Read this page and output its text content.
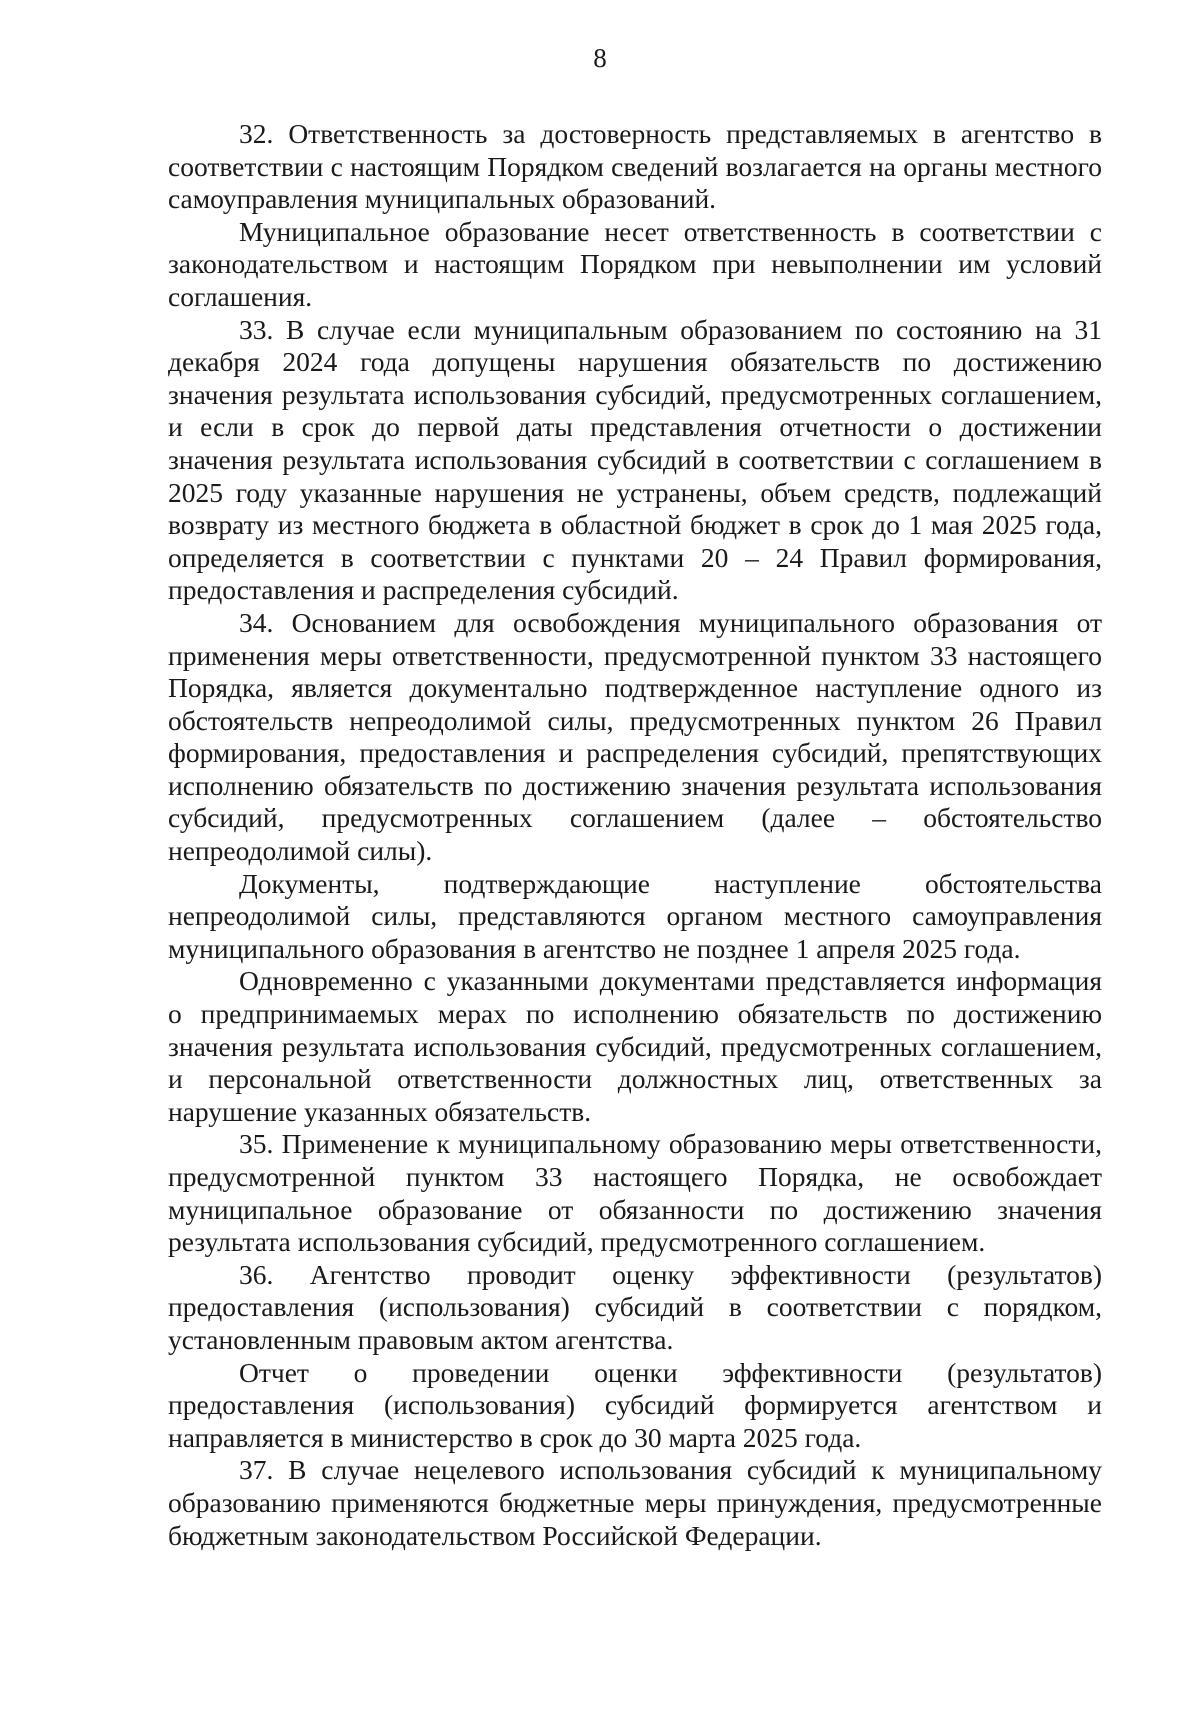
8

32. Ответственность за достоверность представляемых в агентство в соответствии с настоящим Порядком сведений возлагается на органы местного самоуправления муниципальных образований.

Муниципальное образование несет ответственность в соответствии с законодательством и настоящим Порядком при невыполнении им условий соглашения.

33. В случае если муниципальным образованием по состоянию на 31 декабря 2024 года допущены нарушения обязательств по достижению значения результата использования субсидий, предусмотренных соглашением, и если в срок до первой даты представления отчетности о достижении значения результата использования субсидий в соответствии с соглашением в 2025 году указанные нарушения не устранены, объем средств, подлежащий возврату из местного бюджета в областной бюджет в срок до 1 мая 2025 года, определяется в соответствии с пунктами 20 – 24 Правил формирования, предоставления и распределения субсидий.

34. Основанием для освобождения муниципального образования от применения меры ответственности, предусмотренной пунктом 33 настоящего Порядка, является документально подтвержденное наступление одного из обстоятельств непреодолимой силы, предусмотренных пунктом 26 Правил формирования, предоставления и распределения субсидий, препятствующих исполнению обязательств по достижению значения результата использования субсидий, предусмотренных соглашением (далее – обстоятельство непреодолимой силы).

Документы, подтверждающие наступление обстоятельства непреодолимой силы, представляются органом местного самоуправления муниципального образования в агентство не позднее 1 апреля 2025 года.

Одновременно с указанными документами представляется информация о предпринимаемых мерах по исполнению обязательств по достижению значения результата использования субсидий, предусмотренных соглашением, и персональной ответственности должностных лиц, ответственных за нарушение указанных обязательств.

35. Применение к муниципальному образованию меры ответственности, предусмотренной пунктом 33 настоящего Порядка, не освобождает муниципальное образование от обязанности по достижению значения результата использования субсидий, предусмотренного соглашением.

36. Агентство проводит оценку эффективности (результатов) предоставления (использования) субсидий в соответствии с порядком, установленным правовым актом агентства.

Отчет о проведении оценки эффективности (результатов) предоставления (использования) субсидий формируется агентством и направляется в министерство в срок до 30 марта 2025 года.

37. В случае нецелевого использования субсидий к муниципальному образованию применяются бюджетные меры принуждения, предусмотренные бюджетным законодательством Российской Федерации.
